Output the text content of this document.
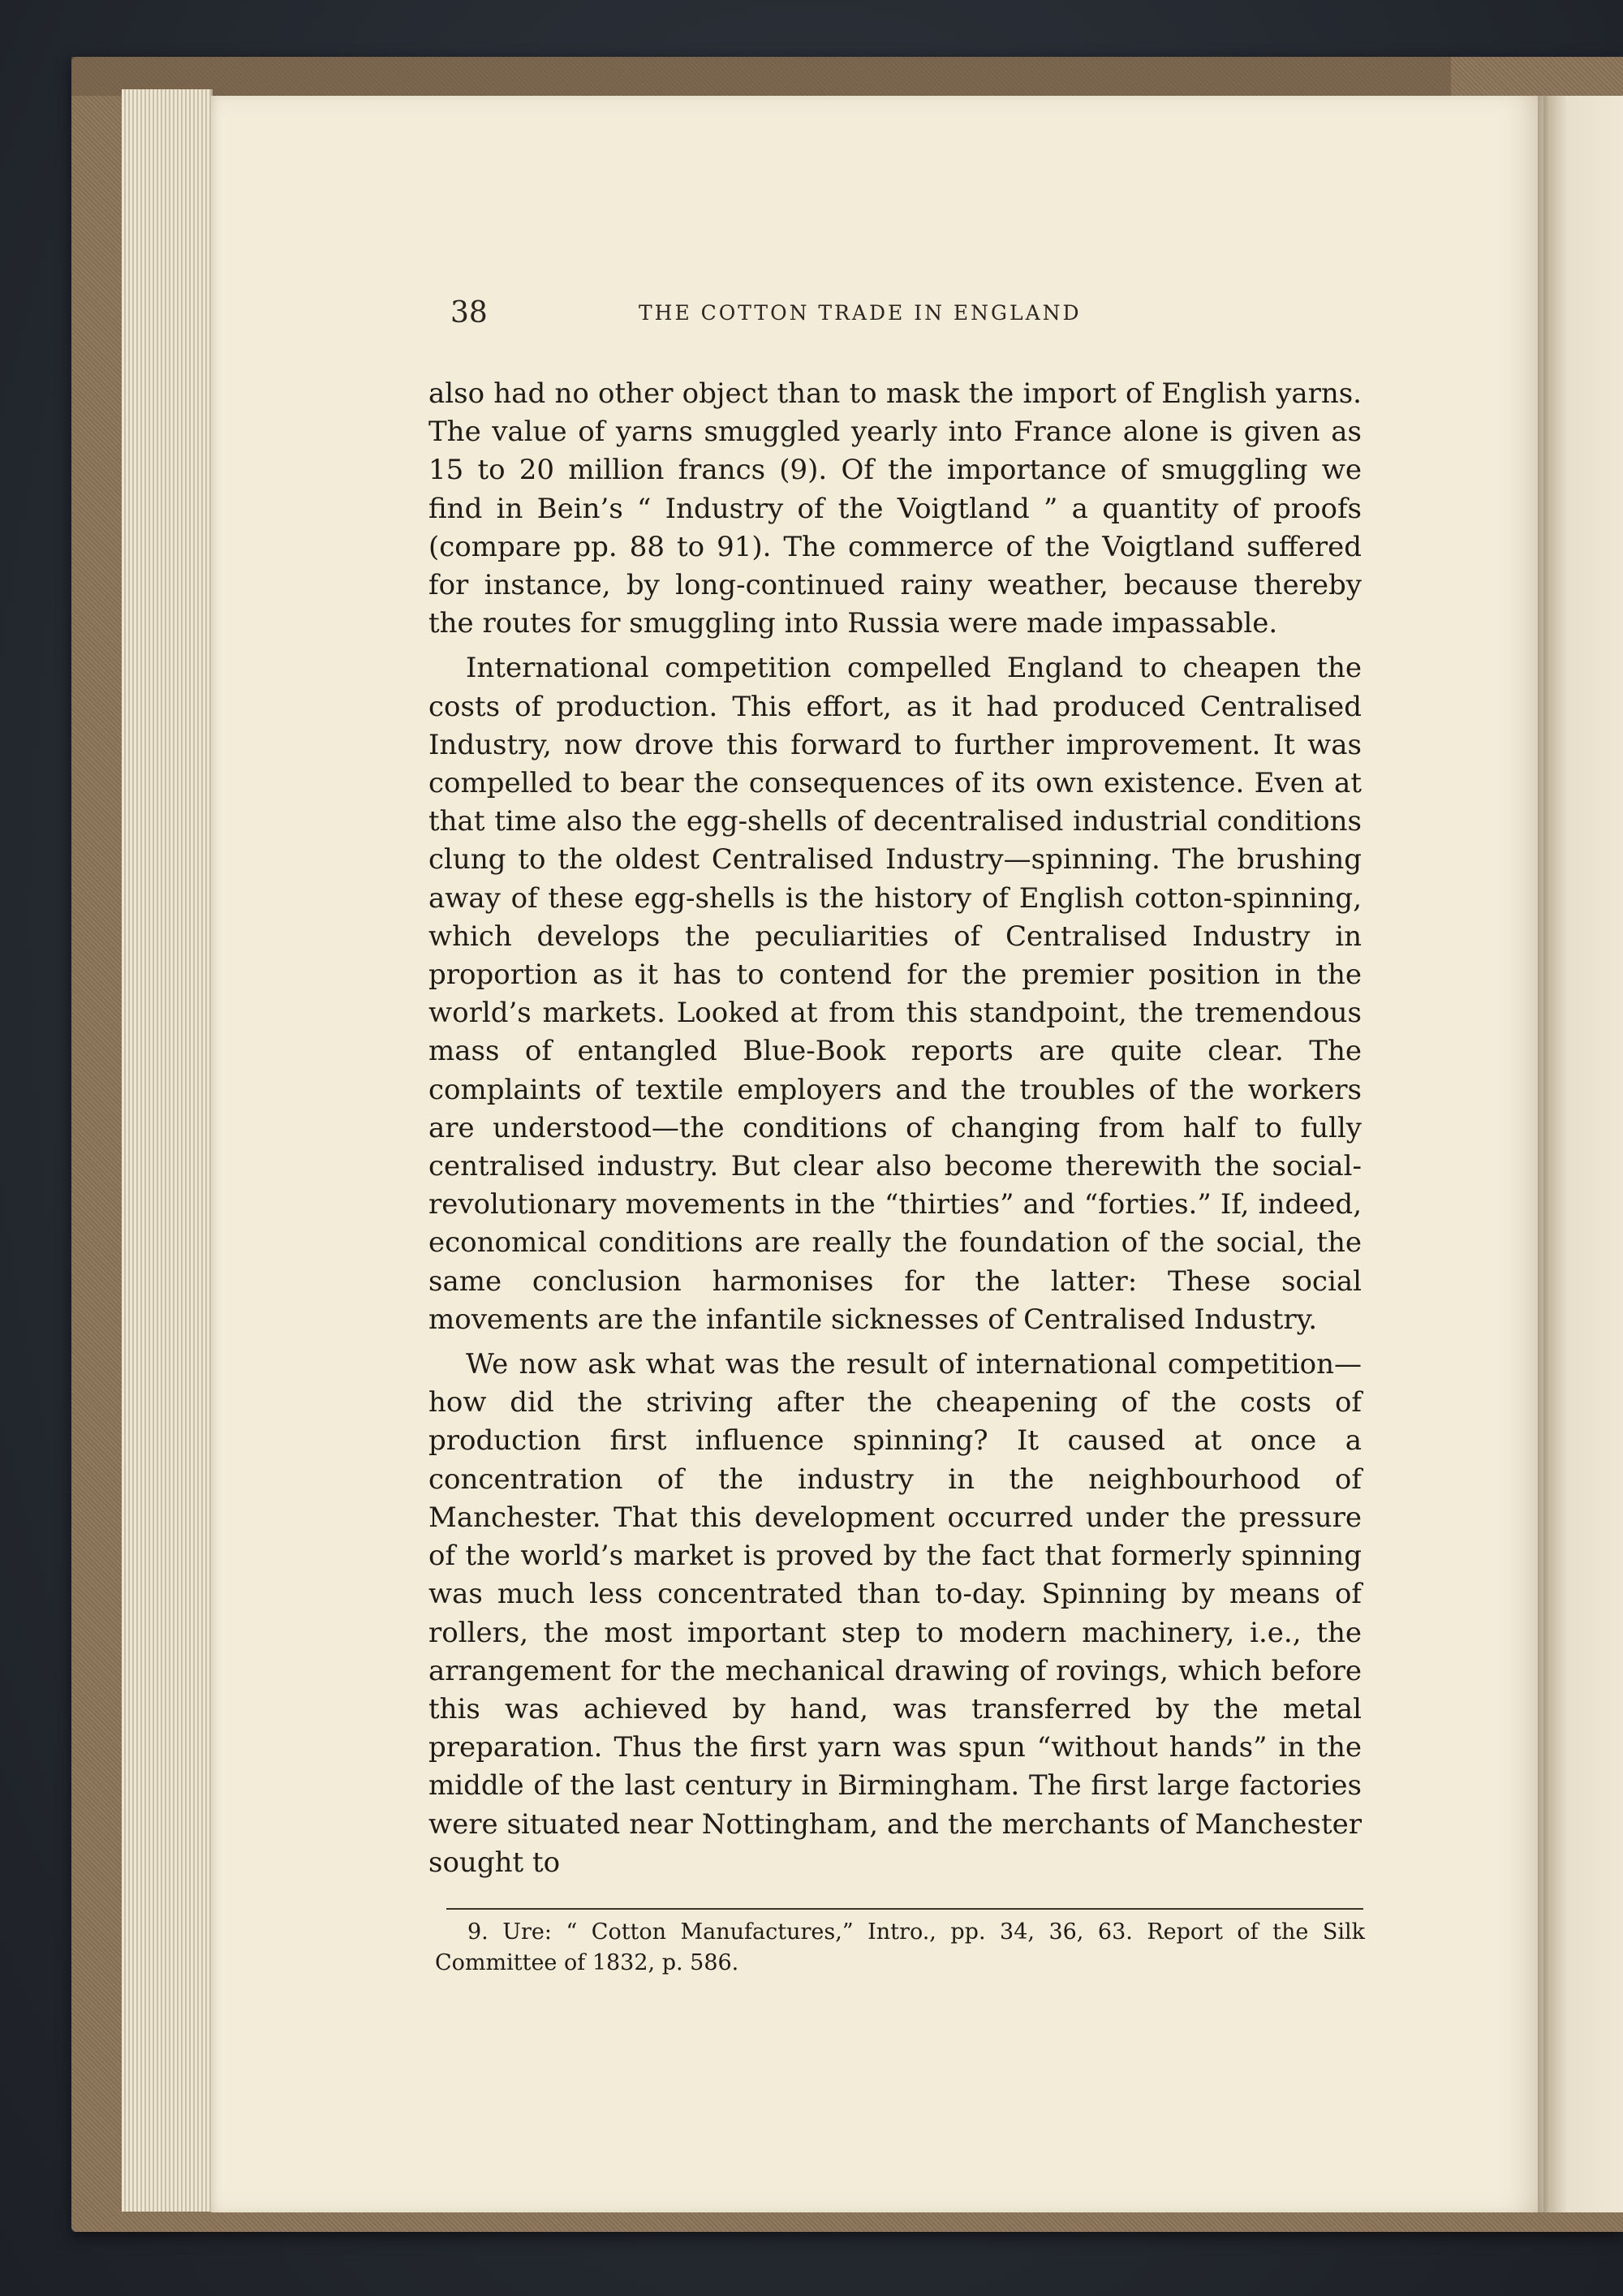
38	THE COTTON TRADE IN ENGLAND

also had no other object than to mask the import of English yarns. The value of yarns smuggled yearly into France alone is given as 15 to 20 million francs (9). Of the importance of smuggling we find in Bein’s “ Industry of the Voigtland ” a quantity of proofs (compare pp. 88 to 91). The commerce of the Voigtland suffered for instance, by long-continued rainy weather, because thereby the routes for smuggling into Russia were made impassable.

International competition compelled England to cheapen the costs of production. This effort, as it had produced Centralised Industry, now drove this forward to further improvement. It was compelled to bear the consequences of its own existence. Even at that time also the egg-shells of decentralised industrial conditions clung to the oldest Centralised Industry—spinning. The brushing away of these egg-shells is the history of English cotton-spinning, which develops the peculiarities of Centralised Industry in proportion as it has to contend for the premier position in the world’s markets. Looked at from this standpoint, the tremendous mass of entangled Blue-Book reports are quite clear. The complaints of textile employers and the troubles of the workers are understood—the conditions of changing from half to fully centralised industry. But clear also become therewith the social-revolutionary movements in the “thirties” and “forties.” If, indeed, economical conditions are really the foundation of the social, the same conclusion harmonises for the latter: These social movements are the infantile sicknesses of Centralised Industry.

We now ask what was the result of international competition—how did the striving after the cheapening of the costs of production first influence spinning? It caused at once a concentration of the industry in the neighbourhood of Manchester. That this development occurred under the pressure of the world’s market is proved by the fact that formerly spinning was much less concentrated than to-day. Spinning by means of rollers, the most important step to modern machinery, i.e., the arrangement for the mechanical drawing of rovings, which before this was achieved by hand, was transferred by the metal preparation. Thus the first yarn was spun “without hands” in the middle of the last century in Birmingham. The first large factories were situated near Nottingham, and the merchants of Manchester sought to

9. Ure: “ Cotton Manufactures,” Intro., pp. 34, 36, 63. Report of the Silk Committee of 1832, p. 586.
